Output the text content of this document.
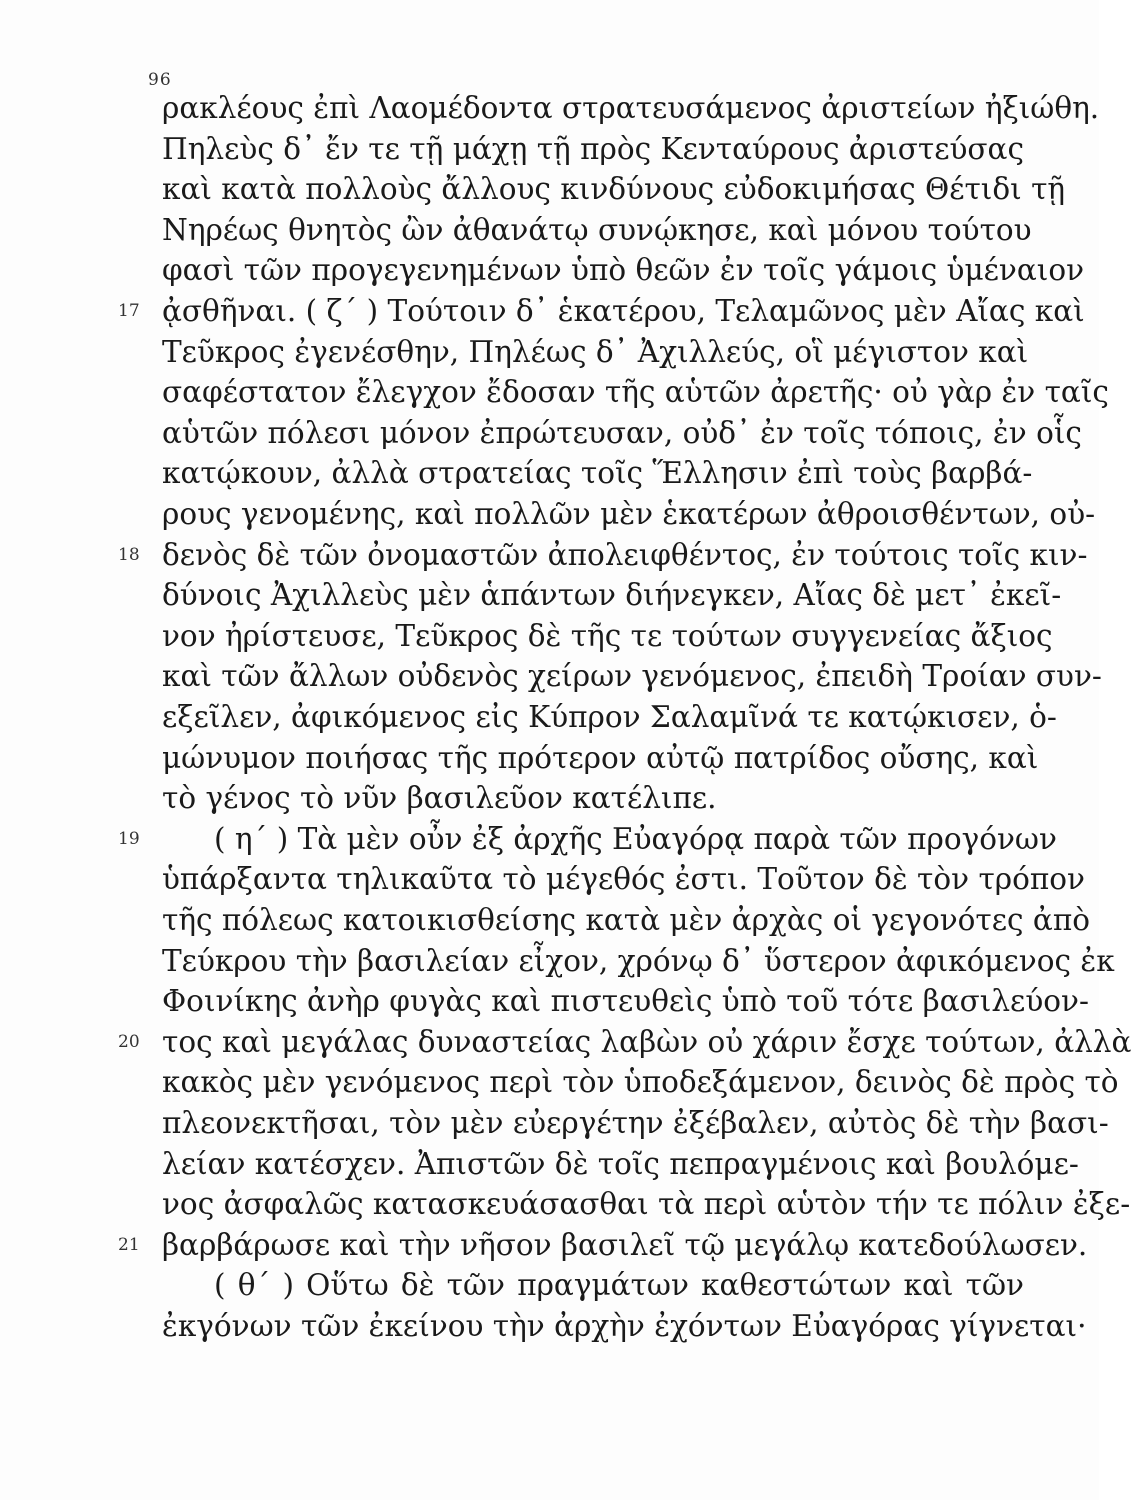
96
ρακλέους ἐπὶ Λαομέδοντα στρατευσάμενος ἀριστείων ἠξιώθη.
Πηλεὺς δ᾽ ἔν τε τῇ μάχῃ τῇ πρὸς Κενταύρους ἀριστεύσας
καὶ κατὰ πολλοὺς ἄλλους κινδύνους εὐδοκιμήσας Θέτιδι τῇ
Νηρέως θνητὸς ὢν ἀθανάτῳ συνῴκησε, καὶ μόνου τούτου
φασὶ τῶν προγεγενημένων ὑπὸ θεῶν ἐν τοῖς γάμοις ὑμέναιον
17 ᾀσθῆναι. ( ζ´ ) Τούτοιν δ᾽ ἑκατέρου, Τελαμῶνος μὲν Αἴας καὶ
Τεῦκρος ἐγενέσθην, Πηλέως δ᾽ Ἀχιλλεύς, οἳ μέγιστον καὶ
σαφέστατον ἔλεγχον ἔδοσαν τῆς αὑτῶν ἀρετῆς· οὐ γὰρ ἐν ταῖς
αὑτῶν πόλεσι μόνον ἐπρώτευσαν, οὐδ᾽ ἐν τοῖς τόποις, ἐν οἷς
κατῴκουν, ἀλλὰ στρατείας τοῖς Ἕλλησιν ἐπὶ τοὺς βαρβά-
ρους γενομένης, καὶ πολλῶν μὲν ἑκατέρων ἀθροισθέντων, οὐ-
18 δενὸς δὲ τῶν ὀνομαστῶν ἀπολειφθέντος, ἐν τούτοις τοῖς κιν-
δύνοις Ἀχιλλεὺς μὲν ἁπάντων διήνεγκεν, Αἴας δὲ μετ᾽ ἐκεῖ-
νον ἠρίστευσε, Τεῦκρος δὲ τῆς τε τούτων συγγενείας ἄξιος
καὶ τῶν ἄλλων οὐδενὸς χείρων γενόμενος, ἐπειδὴ Τροίαν συν-
εξεῖλεν, ἀφικόμενος εἰς Κύπρον Σαλαμῖνά τε κατῴκισεν, ὁ-
μώνυμον ποιήσας τῆς πρότερον αὐτῷ πατρίδος οὔσης, καὶ
τὸ γένος τὸ νῦν βασιλεῦον κατέλιπε.
19	( η´ ) Τὰ μὲν οὖν ἐξ ἀρχῆς Εὐαγόρᾳ παρὰ τῶν προγόνων
ὑπάρξαντα τηλικαῦτα τὸ μέγεθός ἐστι. Τοῦτον δὲ τὸν τρόπον
τῆς πόλεως κατοικισθείσης κατὰ μὲν ἀρχὰς οἱ γεγονότες ἀπὸ
Τεύκρου τὴν βασιλείαν εἶχον, χρόνῳ δ᾽ ὕστερον ἀφικόμενος ἐκ
Φοινίκης ἀνὴρ φυγὰς καὶ πιστευθεὶς ὑπὸ τοῦ τότε βασιλεύον-
20 τος καὶ μεγάλας δυναστείας λαβὼν οὐ χάριν ἔσχε τούτων, ἀλλὰ
κακὸς μὲν γενόμενος περὶ τὸν ὑποδεξάμενον, δεινὸς δὲ πρὸς τὸ
πλεονεκτῆσαι, τὸν μὲν εὐεργέτην ἐξέβαλεν, αὐτὸς δὲ τὴν βασι-
λείαν κατέσχεν. Ἀπιστῶν δὲ τοῖς πεπραγμένοις καὶ βουλόμε-
νος ἀσφαλῶς κατασκευάσασθαι τὰ περὶ αὑτὸν τήν τε πόλιν ἐξε-
21 βαρβάρωσε καὶ τὴν νῆσον βασιλεῖ τῷ μεγάλῳ κατεδούλωσεν.
( θ´ ) Οὕτω δὲ τῶν πραγμάτων καθεστώτων καὶ τῶν
ἐκγόνων τῶν ἐκείνου τὴν ἀρχὴν ἐχόντων Εὐαγόρας γίγνεται·
